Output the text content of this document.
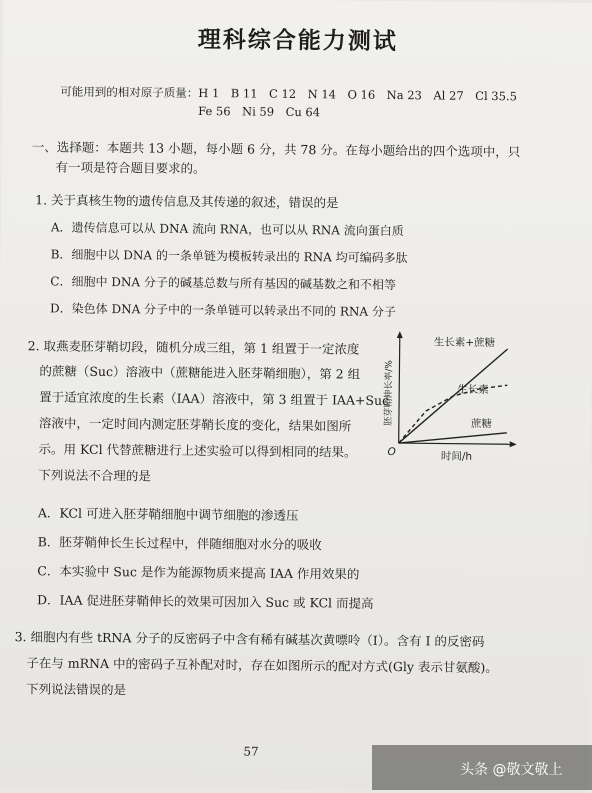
理科综合能力测试
可能用到的相对原子质量：H 1　B 11　C 12　N 14　O 16　Na 23　Al 27　Cl 35.5
Fe 56　Ni 59　Cu 64
一、选择题：本题共 13 小题，每小题 6 分，共 78 分。在每小题给出的四个选项中，只
有一项是符合题目要求的。
1. 关于真核生物的遗传信息及其传递的叙述，错误的是
A．遗传信息可以从 DNA 流向 RNA，也可以从 RNA 流向蛋白质
B．细胞中以 DNA 的一条单链为模板转录出的 RNA 均可编码多肽
C．细胞中 DNA 分子的碱基总数与所有基因的碱基数之和不相等
D．染色体 DNA 分子中的一条单链可以转录出不同的 RNA 分子
2. 取燕麦胚芽鞘切段，随机分成三组，第 1 组置于一定浓度
的蔗糖（Suc）溶液中（蔗糖能进入胚芽鞘细胞），第 2 组
置于适宜浓度的生长素（IAA）溶液中，第 3 组置于 IAA+Suc
溶液中，一定时间内测定胚芽鞘长度的变化，结果如图所
示。用 KCl 代替蔗糖进行上述实验可以得到相同的结果。
下列说法不合理的是
生长素+蔗糖
生长素
蔗糖
时间/h
O
胚芽鞘伸长率/%
A．KCl 可进入胚芽鞘细胞中调节细胞的渗透压
B．胚芽鞘伸长生长过程中，伴随细胞对水分的吸收
C．本实验中 Suc 是作为能源物质来提高 IAA 作用效果的
D．IAA 促进胚芽鞘伸长的效果可因加入 Suc 或 KCl 而提高
3. 细胞内有些 tRNA 分子的反密码子中含有稀有碱基次黄嘌呤（I）。含有 I 的反密码
子在与 mRNA 中的密码子互补配对时，存在如图所示的配对方式(Gly 表示甘氨酸)。
下列说法错误的是
57
头条 @敬文敬上
